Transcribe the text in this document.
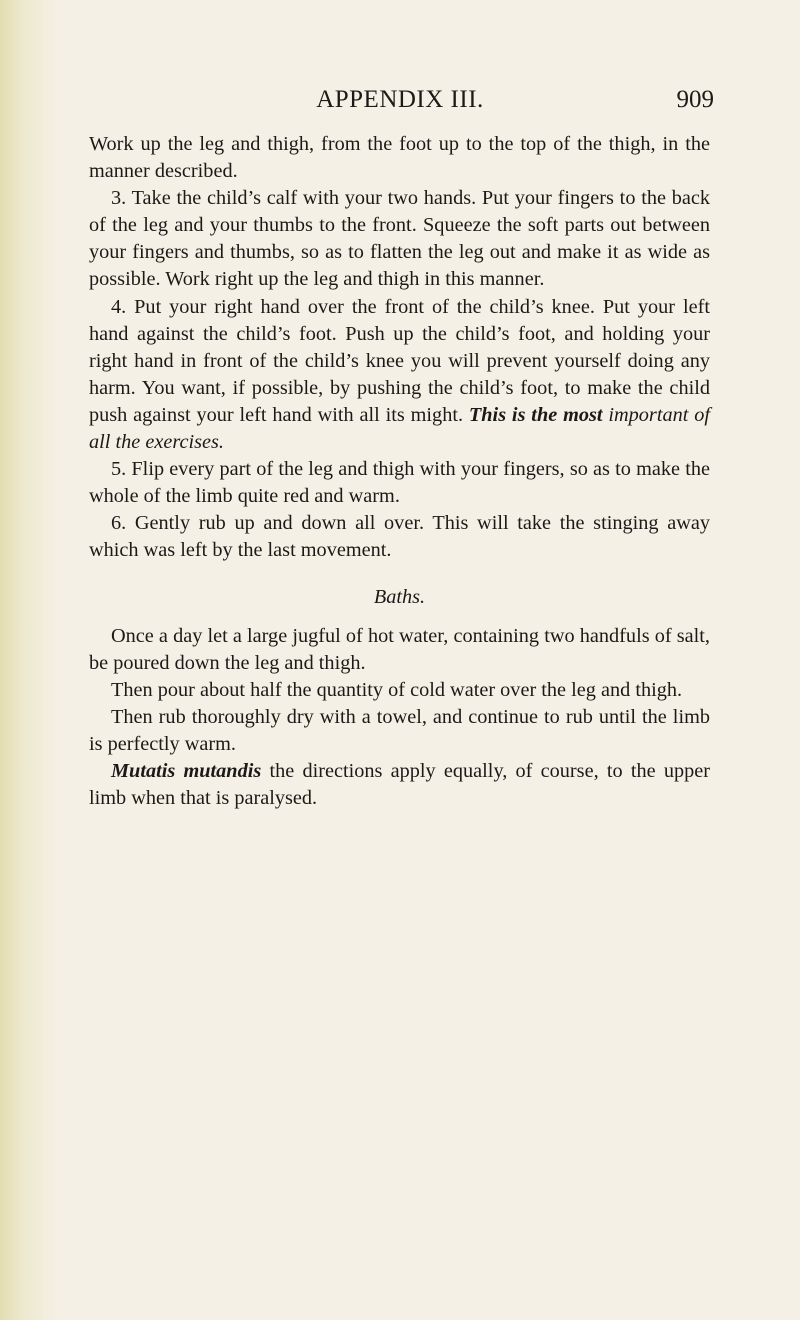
APPENDIX III.	909

Work up the leg and thigh, from the foot up to the top of the thigh, in the manner described.

3. Take the child’s calf with your two hands. Put your fingers to the back of the leg and your thumbs to the front. Squeeze the soft parts out between your fingers and thumbs, so as to flatten the leg out and make it as wide as possible. Work right up the leg and thigh in this manner.

4. Put your right hand over the front of the child’s knee. Put your left hand against the child’s foot. Push up the child’s foot, and holding your right hand in front of the child’s knee you will prevent yourself doing any harm. You want, if possible, by pushing the child’s foot, to make the child push against your left hand with all its might. This is the most important of all the exercises.

5. Flip every part of the leg and thigh with your fingers, so as to make the whole of the limb quite red and warm.

6. Gently rub up and down all over. This will take the stinging away which was left by the last movement.

Baths.

Once a day let a large jugful of hot water, containing two handfuls of salt, be poured down the leg and thigh.

Then pour about half the quantity of cold water over the leg and thigh.

Then rub thoroughly dry with a towel, and continue to rub until the limb is perfectly warm.

Mutatis mutandis the directions apply equally, of course, to the upper limb when that is paralysed.
